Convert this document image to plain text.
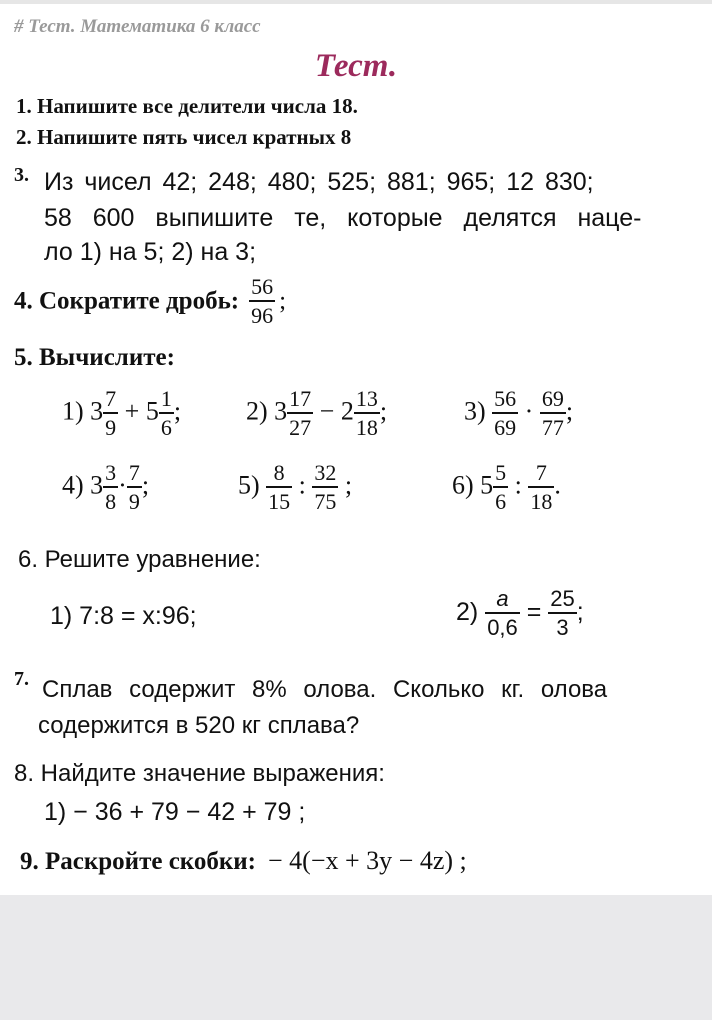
# Тест. Математика 6 класс
Тест.
1. Напишите все делители числа 18.
2. Напишите пять чисел кратных 8
3. Из чисел 42; 248; 480; 525; 881; 965; 12 830;
58 600 выпишите те, которые делятся наце-
ло 1) на 5; 2) на 3;
4. Сократите дробь: $\frac{56}{96}$ ;
5. Вычислите:
1) $3 \frac{7}{9} + 5 \frac{1}{6}$ ; 2) $3 \frac{17}{27} - 2 \frac{13}{18}$ ;	$3) \frac{56}{69} \cdot \frac{69}{77}$ ;
4) $3 \frac{3}{8} \cdot \frac{7}{9}$ ;	$5) \frac{8}{15}$ : $\frac{32}{75}$ ;	6) $5 \frac{5}{6}$ : $\frac{7}{18}$ .
6. Решите уравнение:
1) 7:8 = x:96;	$2) \frac{a}{0,6} = \frac{25}{3}$ ;
7. Сплав содержит 8% олова. Сколько кг. олова
содержится в 520 кг сплава?
8. Найдите значение выражения:
1) − 36 + 79 − 42 + 79 ;
9. Раскройте скобки: − 4(−x + 3y − 4z) ;
